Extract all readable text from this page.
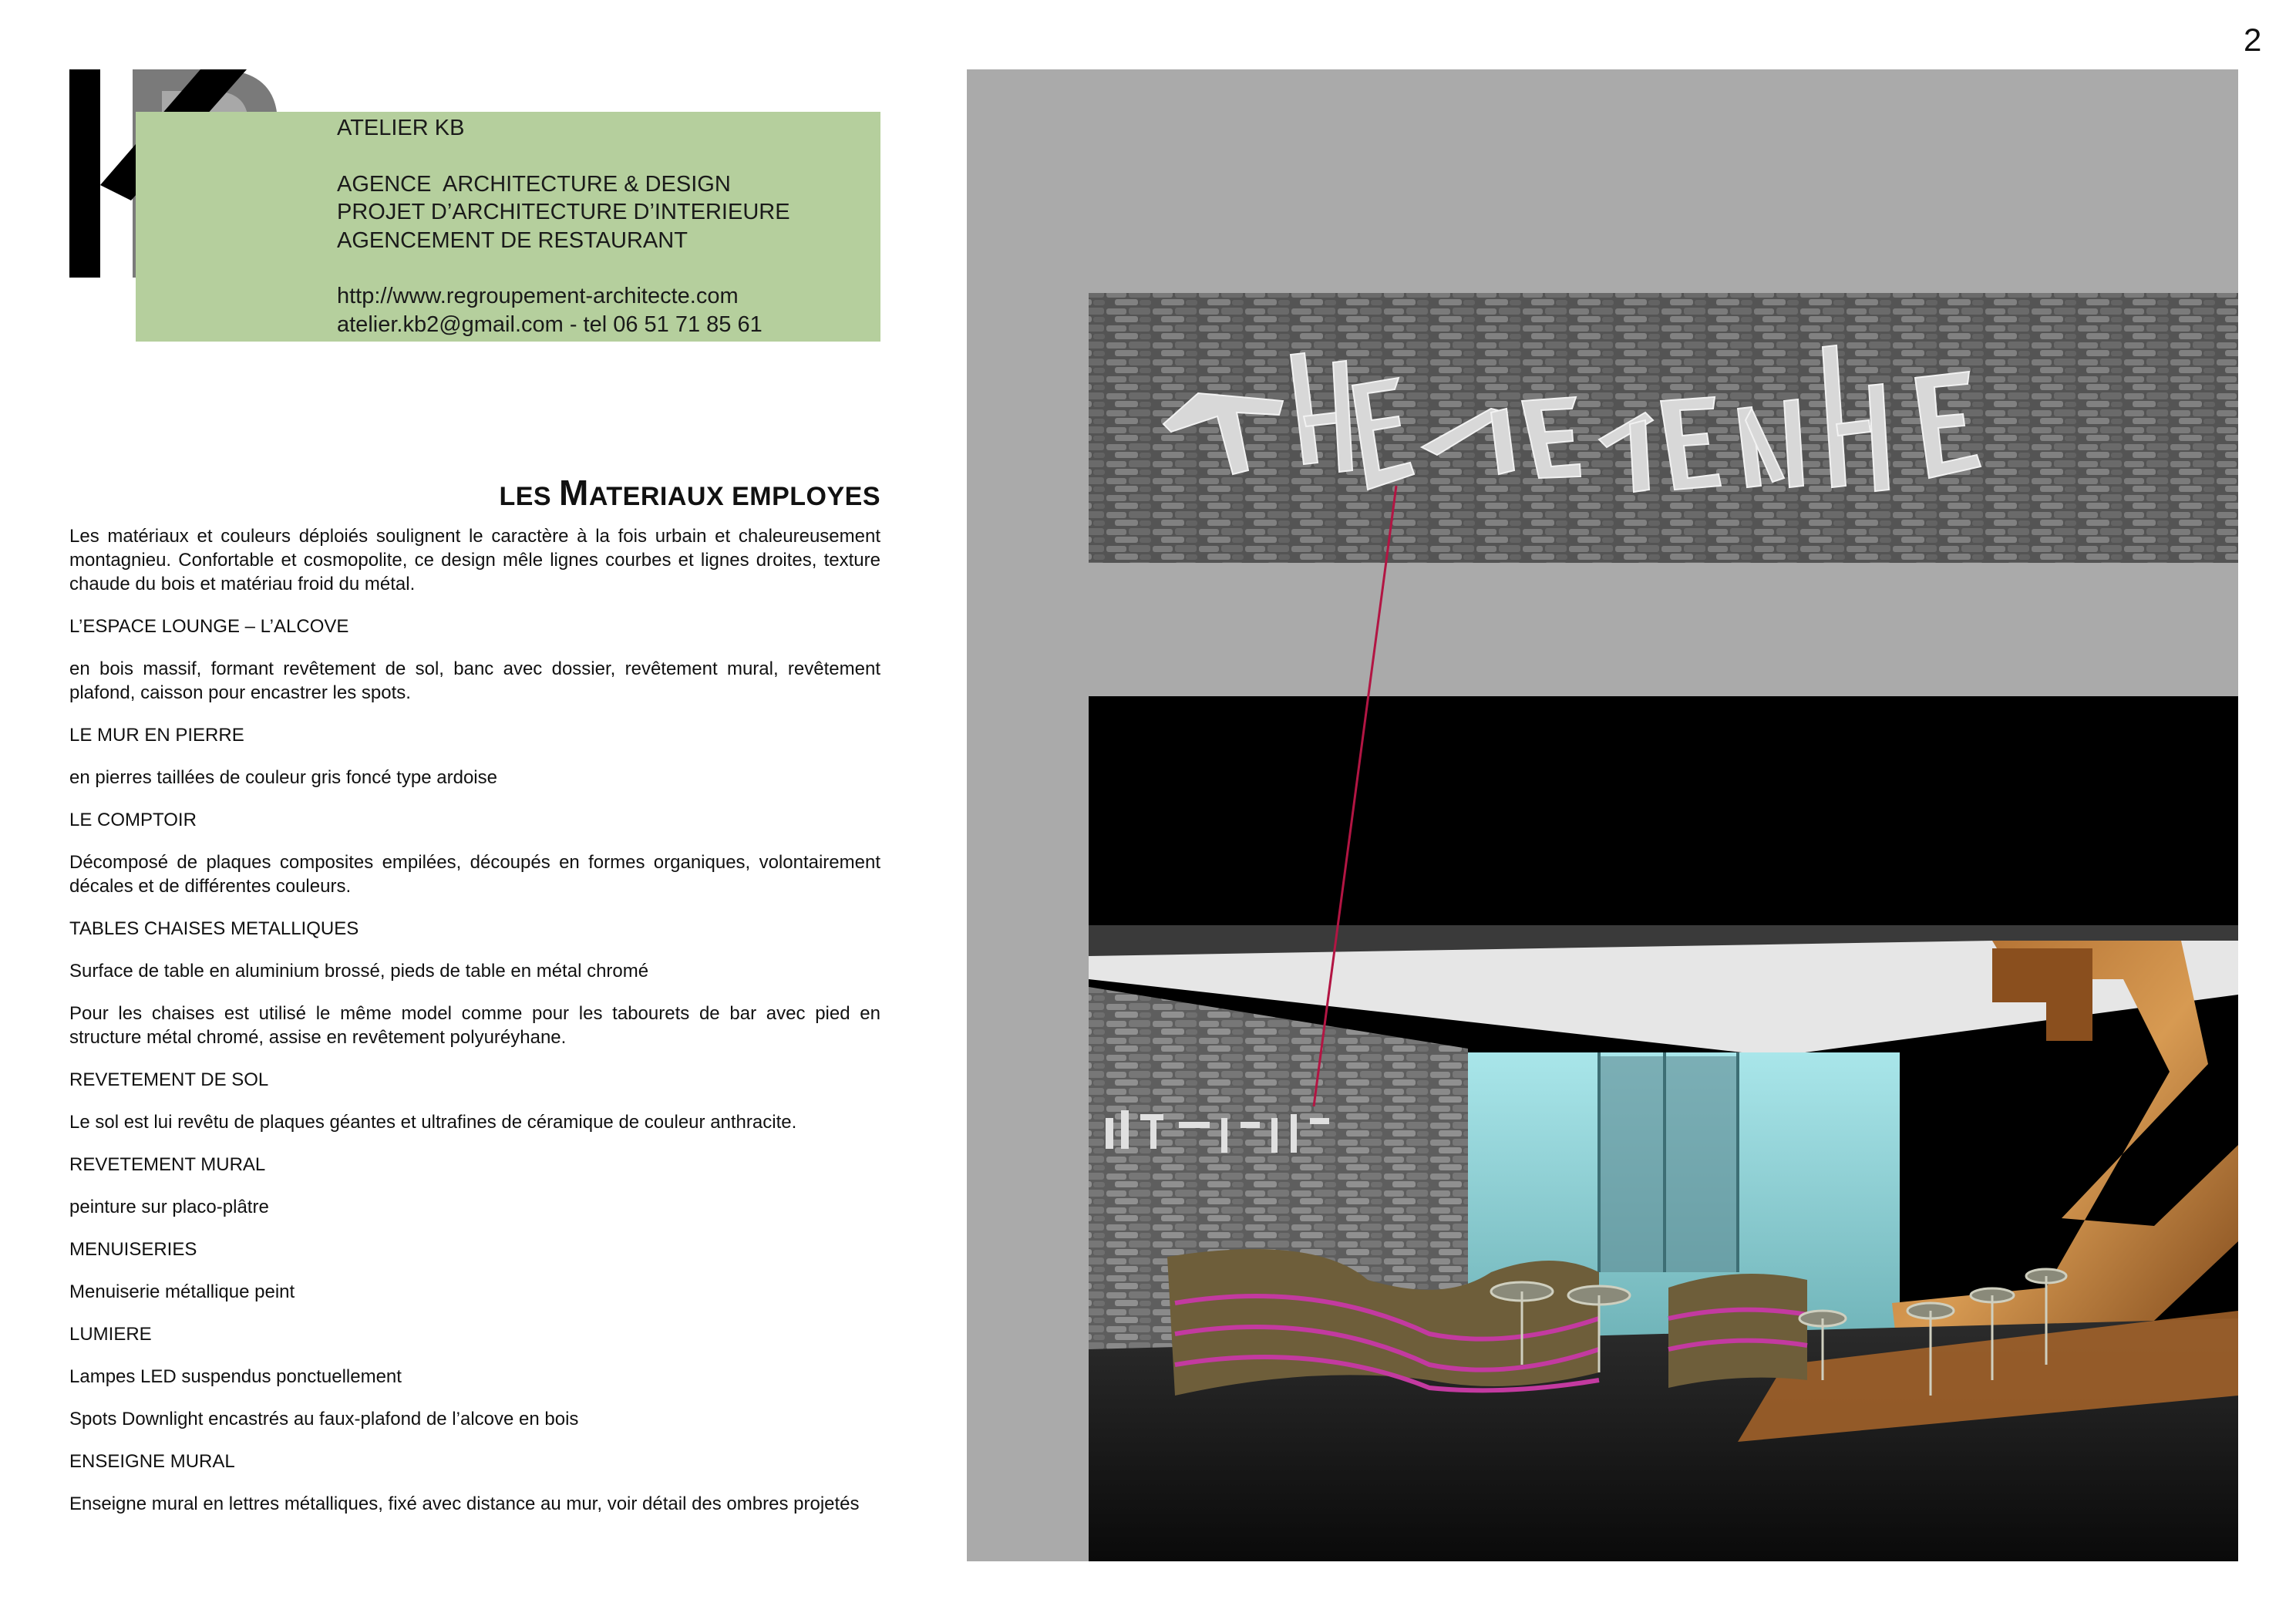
2
ATELIER KB
AGENCE  ARCHITECTURE & DESIGN
PROJET D’ARCHITECTURE D’INTERIEURE
AGENCEMENT DE RESTAURANT
http://www.regroupement-architecte.com
atelier.kb2@gmail.com - tel 06 51 71 85 61
LES MATERIAUX EMPLOYES

Les matériaux et couleurs déploiés soulignent le caractère à la fois urbain et chaleureusement montagnieu. Confortable et cosmopolite, ce design mêle lignes courbes et lignes droites, texture chaude du bois et matériau froid du métal.

L’ESPACE LOUNGE – L’ALCOVE

en bois massif, formant revêtement de sol, banc avec dossier, revêtement mural, revêtement plafond, caisson pour encastrer les spots.

LE MUR EN PIERRE

en pierres taillées de couleur gris foncé type ardoise

LE COMPTOIR

Décomposé de plaques composites empilées, découpés en formes organiques, volontairement décales et de différentes couleurs.

TABLES CHAISES METALLIQUES

Surface de table en aluminium brossé, pieds de table en métal chromé

Pour les chaises est utilisé le même model comme pour les tabourets de bar avec pied en structure métal chromé, assise en revêtement polyuréyhane.

REVETEMENT DE SOL

Le sol est lui revêtu de plaques géantes et ultrafines de céramique de couleur anthracite.

REVETEMENT MURAL

peinture sur placo-plâtre

MENUISERIES

Menuiserie métallique peint

LUMIERE

Lampes LED suspendus ponctuellement

Spots Downlight encastrés au faux-plafond de l’alcove en bois

ENSEIGNE MURAL

Enseigne mural en lettres métalliques, fixé avec distance au mur, voir détail des ombres projetés
